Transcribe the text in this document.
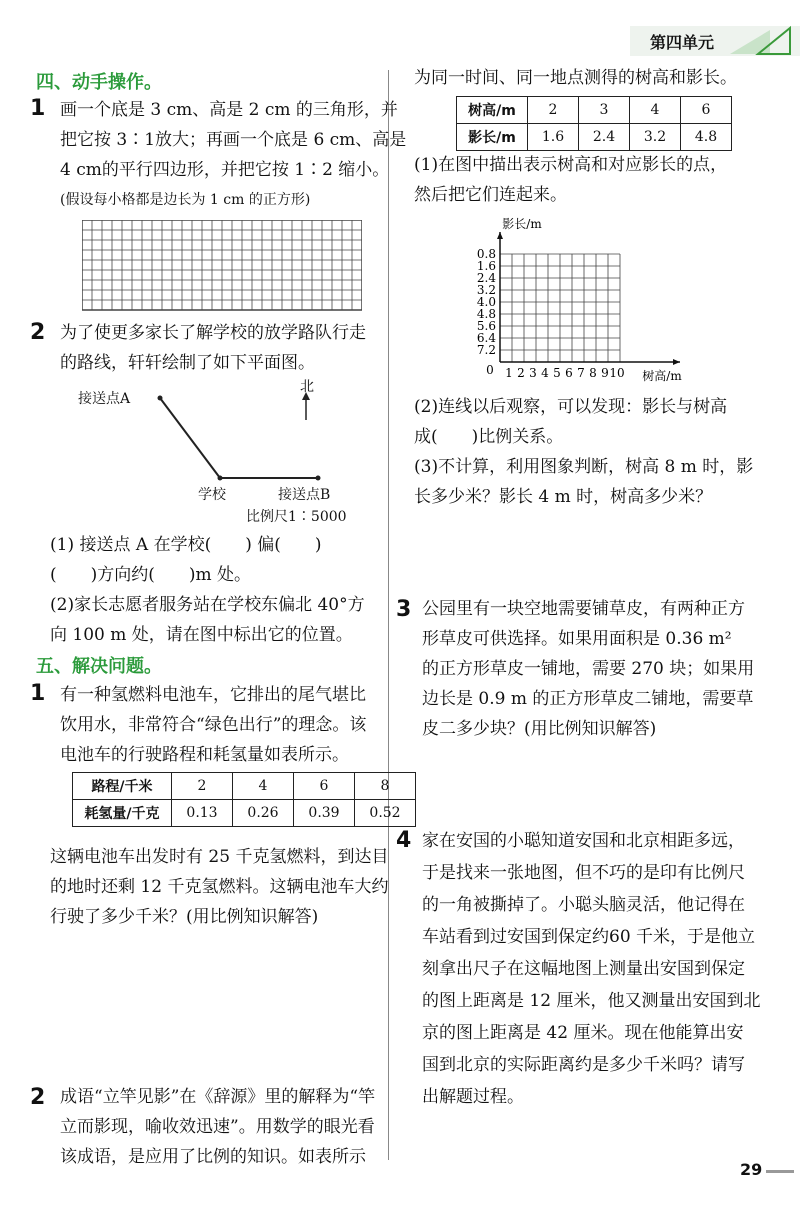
第四单元
四、动手操作。
1 画一个底是 3 cm、高是 2 cm 的三角形，并
把它按 3∶1放大；再画一个底是 6 cm、高是
4 cm的平行四边形，并把它按 1∶2 缩小。
(假设每小格都是边长为 1 cm 的正方形)
2 为了使更多家长了解学校的放学路队行走
的路线，轩轩绘制了如下平面图。
接送点A
北
学校	接送点B
比例尺1∶5000
(1) 接送点 A 在学校(　　) 偏(　　)
(　　)方向约(　　)m 处。
(2)家长志愿者服务站在学校东偏北 40°方
向 100 m 处，请在图中标出它的位置。
五、解决问题。
1 有一种氢燃料电池车，它排出的尾气堪比
饮用水，非常符合“绿色出行”的理念。该
电池车的行驶路程和耗氢量如表所示。
路程/千米	2	4	6	8
耗氢量/千克	0.13	0.26	0.39	0.52
这辆电池车出发时有 25 千克氢燃料，到达目
的地时还剩 12 千克氢燃料。这辆电池车大约
行驶了多少千米？(用比例知识解答)
2 成语“立竿见影”在《辞源》里的解释为“竿
立而影现，喻收效迅速”。用数学的眼光看
该成语，是应用了比例的知识。如表所示
为同一时间、同一地点测得的树高和影长。
树高/m	2	3	4	6
影长/m	1.6	2.4	3.2	4.8
(1)在图中描出表示树高和对应影长的点，
然后把它们连起来。
1 2 3 4 5 6 7 8 9 10
7.2
6.4
5.6
4.8
4.0
3.2
2.4
1.6
0.8
0	树高/m
影长/m
(2)连线以后观察，可以发现：影长与树高
成(　　)比例关系。
(3)不计算，利用图象判断，树高 8 m 时，影
长多少米？影长 4 m 时，树高多少米？
3 公园里有一块空地需要铺草皮，有两种正方
形草皮可供选择。如果用面积是 0.36 m²
的正方形草皮一铺地，需要 270 块；如果用
边长是 0.9 m 的正方形草皮二铺地，需要草
皮二多少块？(用比例知识解答)
4 家在安国的小聪知道安国和北京相距多远，
于是找来一张地图，但不巧的是印有比例尺
的一角被撕掉了。小聪头脑灵活，他记得在
车站看到过安国到保定约60 千米，于是他立
刻拿出尺子在这幅地图上测量出安国到保定
的图上距离是 12 厘米，他又测量出安国到北
京的图上距离是 42 厘米。现在他能算出安
国到北京的实际距离约是多少千米吗？请写
出解题过程。
29
